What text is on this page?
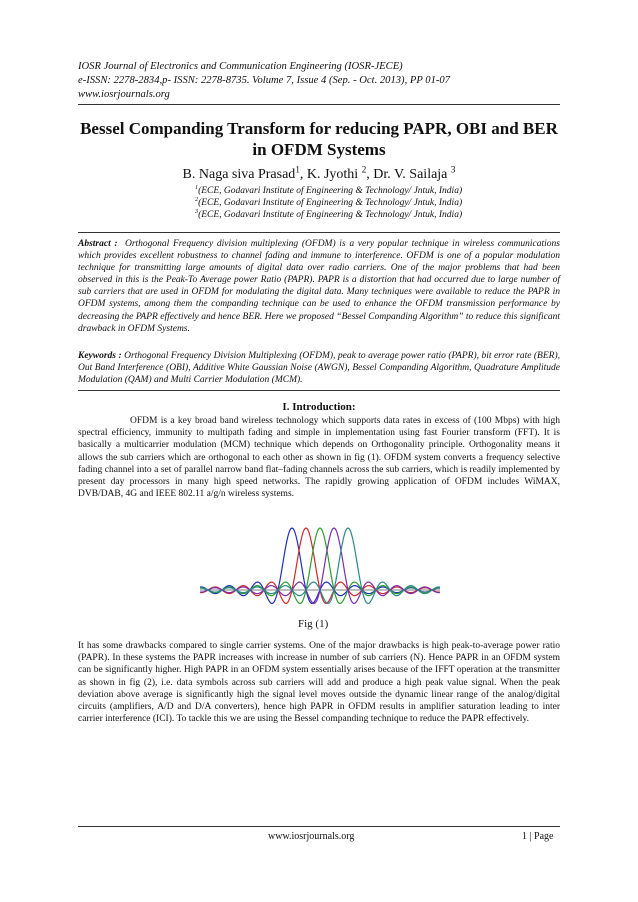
IOSR Journal of Electronics and Communication Engineering (IOSR-JECE)
e-ISSN: 2278-2834,p- ISSN: 2278-8735. Volume 7, Issue 4 (Sep. - Oct. 2013), PP 01-07
www.iosrjournals.org
Bessel Companding Transform for reducing PAPR, OBI and BER in OFDM Systems
B. Naga siva Prasad$^1$, K. Jyothi $^2$, Dr. V. Sailaja $^3$
$^1$(ECE, Godavari Institute of Engineering & Technology/ Jntuk, India)
$^2$(ECE, Godavari Institute of Engineering & Technology/ Jntuk, India)
$^3$(ECE, Godavari Institute of Engineering & Technology/ Jntuk, India)
Abstract : Orthogonal Frequency division multiplexing (OFDM) is a very popular technique in wireless communications which provides excellent robustness to channel fading and immune to interference. OFDM is one of a popular modulation technique for transmitting large amounts of digital data over radio carriers. One of the major problems that had been observed in this is the Peak-To Average power Ratio (PAPR). PAPR is a distortion that had occurred due to large number of sub carriers that are used in OFDM for modulating the digital data. Many techniques were available to reduce the PAPR in OFDM systems, among them the companding technique can be used to enhance the OFDM transmission performance by decreasing the PAPR effectively and hence BER. Here we proposed “Bessel Companding Algorithm” to reduce this significant drawback in OFDM Systems.
Keywords : Orthogonal Frequency Division Multiplexing (OFDM), peak to average power ratio (PAPR), bit error rate (BER), Out Band Interference (OBI), Additive White Gaussian Noise (AWGN), Bessel Companding Algorithm, Quadrature Amplitude Modulation (QAM) and Multi Carrier Modulation (MCM).
I. Introduction:
OFDM is a key broad band wireless technology which supports data rates in excess of (100 Mbps) with high spectral efficiency, immunity to multipath fading and simple in implementation using fast Fourier transform (FFT). It is basically a multicarrier modulation (MCM) technique which depends on Orthogonality principle. Orthogonality means it allows the sub carriers which are orthogonal to each other as shown in fig (1). OFDM system converts a frequency selective fading channel into a set of parallel narrow band flat–fading channels across the sub carriers, which is readily implemented by present day processors in many high speed networks. The rapidly growing application of OFDM includes WiMAX, DVB/DAB, 4G and IEEE 802.11 a/g/n wireless systems.
Fig (1)
It has some drawbacks compared to single carrier systems. One of the major drawbacks is high peak-to-average power ratio (PAPR). In these systems the PAPR increases with increase in number of sub carriers (N). Hence PAPR in an OFDM system can be significantly higher. High PAPR in an OFDM system essentially arises because of the IFFT operation at the transmitter as shown in fig (2), i.e. data symbols across sub carriers will add and produce a high peak value signal. When the peak deviation above average is significantly high the signal level moves outside the dynamic linear range of the analog/digital circuits (amplifiers, A/D and D/A converters), hence high PAPR in OFDM results in amplifier saturation leading to inter carrier interference (ICI). To tackle this we are using the Bessel companding technique to reduce the PAPR effectively.
www.iosrjournals.org	1 | Page
